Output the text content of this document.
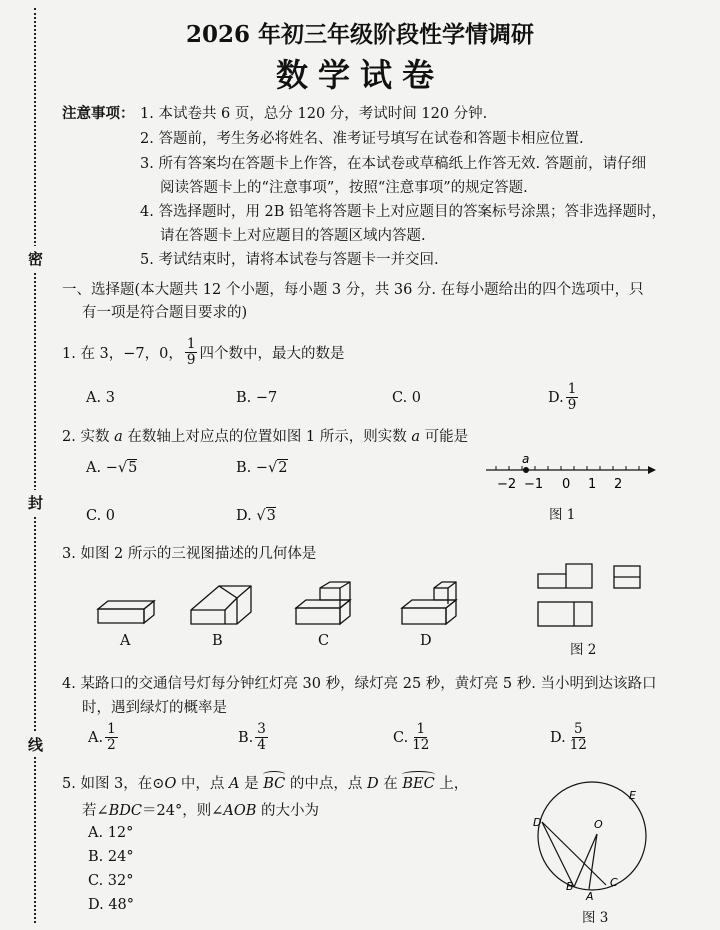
密
封
线
2026 年初三年级阶段性学情调研
数学试卷
注意事项： 1. 本试卷共 6 页，总分 120 分，考试时间 120 分钟.
2. 答题前，考生务必将姓名、准考证号填写在试卷和答题卡相应位置.
3. 所有答案均在答题卡上作答，在本试卷或草稿纸上作答无效. 答题前，请仔细
阅读答题卡上的“注意事项”，按照“注意事项”的规定答题.
4. 答选择题时，用 2B 铅笔将答题卡上对应题目的答案标号涂黑；答非选择题时，
请在答题卡上对应题目的答题区域内答题.
5. 考试结束时，请将本试卷与答题卡一并交回.
一、选择题(本大题共 12 个小题，每小题 3 分，共 36 分. 在每小题给出的四个选项中，只
有一项是符合题目要求的)
1. 在 3，−7，0， $\frac{1}{9}$ 四个数中，最大的数是
A. 3	B. −7	C. 0	D. $\frac{1}{9}$
2. 实数 a 在数轴上对应点的位置如图 1 所示，则实数 a 可能是
A. −√5	B. −√2
C. 0	D. √3
a
−2 −1 0 1 2
图 1
3. 如图 2 所示的三视图描述的几何体是
A	B	C	D
图 2
4. 某路口的交通信号灯每分钟红灯亮 30 秒，绿灯亮 25 秒，黄灯亮 5 秒. 当小明到达该路口
时，遇到绿灯的概率是
A. $\frac{1}{2}$	B. $\frac{3}{4}$	C. $\frac{1}{12}$	D. $\frac{5}{12}$
5. 如图 3，在⊙O 中，点 A 是
BC 的中点，点 D 在
BEC 上，
若∠BDC＝24°，则∠AOB 的大小为
A. 12°
B. 24°
C. 32°
D. 48°
E
D	O
B
A
C
图 3
